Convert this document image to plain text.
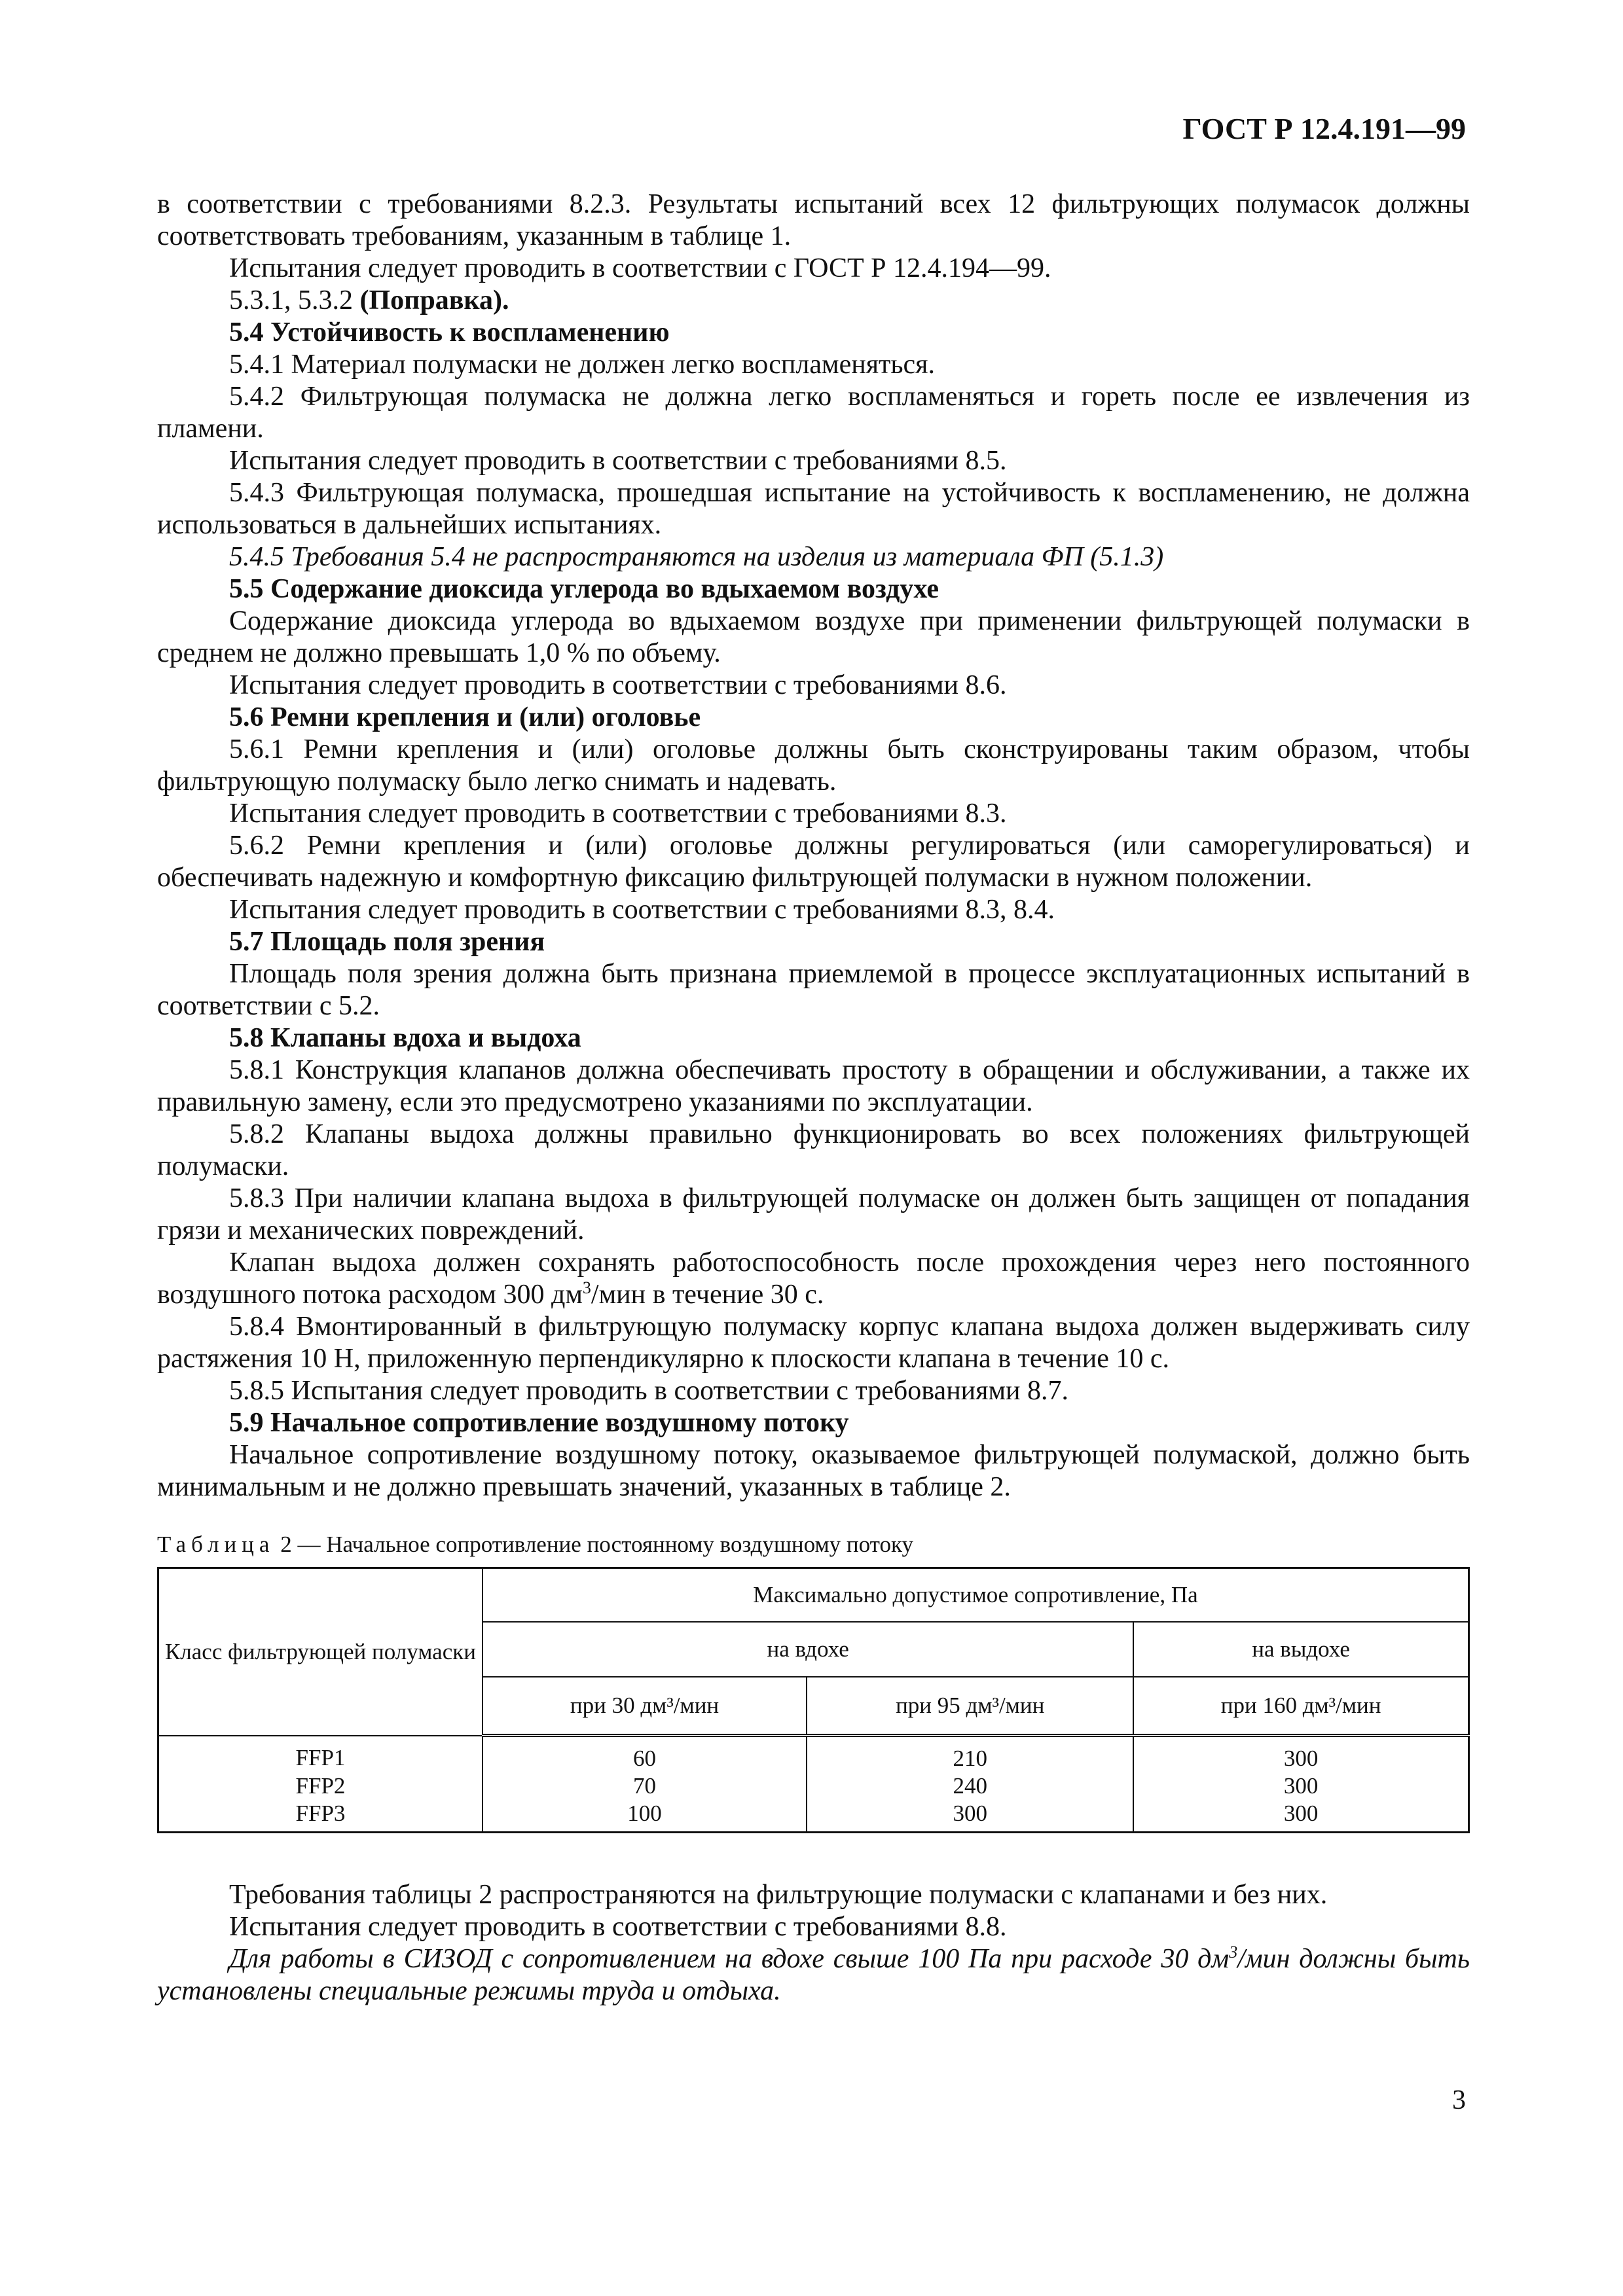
ГОСТ Р 12.4.191—99

в соответствии с требованиями 8.2.3. Результаты испытаний всех 12 фильтрующих полумасок должны соответствовать требованиям, указанным в таблице 1.

Испытания следует проводить в соответствии с ГОСТ Р 12.4.194—99.

5.3.1, 5.3.2 (Поправка).

5.4 Устойчивость к воспламенению

5.4.1 Материал полумаски не должен легко воспламеняться.

5.4.2 Фильтрующая полумаска не должна легко воспламеняться и гореть после ее извлечения из пламени.

Испытания следует проводить в соответствии с требованиями 8.5.

5.4.3 Фильтрующая полумаска, прошедшая испытание на устойчивость к воспламенению, не должна использоваться в дальнейших испытаниях.

5.4.5 Требования 5.4 не распространяются на изделия из материала ФП (5.1.3)

5.5 Содержание диоксида углерода во вдыхаемом воздухе

Содержание диоксида углерода во вдыхаемом воздухе при применении фильтрующей полумаски в среднем не должно превышать 1,0 % по объему.

Испытания следует проводить в соответствии с требованиями 8.6.

5.6 Ремни крепления и (или) оголовье

5.6.1 Ремни крепления и (или) оголовье должны быть сконструированы таким образом, чтобы фильтрующую полумаску было легко снимать и надевать.

Испытания следует проводить в соответствии с требованиями 8.3.

5.6.2 Ремни крепления и (или) оголовье должны регулироваться (или саморегулироваться) и обеспечивать надежную и комфортную фиксацию фильтрующей полумаски в нужном положении.

Испытания следует проводить в соответствии с требованиями 8.3, 8.4.

5.7 Площадь поля зрения

Площадь поля зрения должна быть признана приемлемой в процессе эксплуатационных испытаний в соответствии с 5.2.

5.8 Клапаны вдоха и выдоха

5.8.1 Конструкция клапанов должна обеспечивать простоту в обращении и обслуживании, а также их правильную замену, если это предусмотрено указаниями по эксплуатации.

5.8.2 Клапаны выдоха должны правильно функционировать во всех положениях фильтрующей полумаски.

5.8.3 При наличии клапана выдоха в фильтрующей полумаске он должен быть защищен от попадания грязи и механических повреждений.

Клапан выдоха должен сохранять работоспособность после прохождения через него постоянного воздушного потока расходом 300 $дм^3$/мин в течение 30 с.

5.8.4 Вмонтированный в фильтрующую полумаску корпус клапана выдоха должен выдерживать силу растяжения 10 Н, приложенную перпендикулярно к плоскости клапана в течение 10 с.

5.8.5 Испытания следует проводить в соответствии с требованиями 8.7.

5.9 Начальное сопротивление воздушному потоку

Начальное сопротивление воздушному потоку, оказываемое фильтрующей полумаской, должно быть минимальным и не должно превышать значений, указанных в таблице 2.

Таблица 2 — Начальное сопротивление постоянному воздушному потоку

Класс фильтрующей полумаски	Максимально допустимое сопротивление, Па		
	на вдохе		на выдохе
	при 30 дм³/мин	при 95 дм³/мин	при 160 дм³/мин
FFP1	60	210	300
FFP2	70	240	300
FFP3	100	300	300

Требования таблицы 2 распространяются на фильтрующие полумаски с клапанами и без них.

Испытания следует проводить в соответствии с требованиями 8.8.

Для работы в СИЗОД с сопротивлением на вдохе свыше 100 Па при расходе 30 $дм^3$/мин должны быть установлены специальные режимы труда и отдыха.

3
